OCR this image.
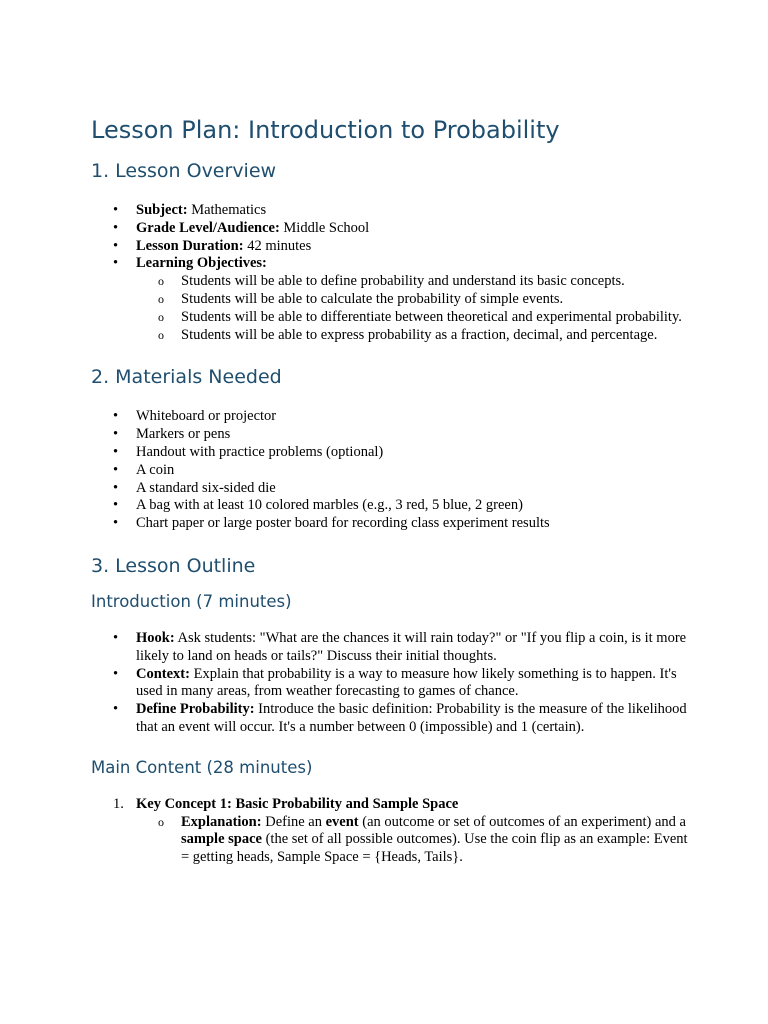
Lesson Plan: Introduction to Probability
1. Lesson Overview
• Subject: Mathematics
• Grade Level/Audience: Middle School
• Lesson Duration: 42 minutes
• Learning Objectives:
o Students will be able to define probability and understand its basic concepts.
o Students will be able to calculate the probability of simple events.
o Students will be able to differentiate between theoretical and experimental probability.
o Students will be able to express probability as a fraction, decimal, and percentage.
2. Materials Needed
• Whiteboard or projector
• Markers or pens
• Handout with practice problems (optional)
• A coin
• A standard six-sided die
• A bag with at least 10 colored marbles (e.g., 3 red, 5 blue, 2 green)
• Chart paper or large poster board for recording class experiment results
3. Lesson Outline
Introduction (7 minutes)
• Hook: Ask students: "What are the chances it will rain today?" or "If you flip a coin, is it more likely to land on heads or tails?" Discuss their initial thoughts.
• Context: Explain that probability is a way to measure how likely something is to happen. It's used in many areas, from weather forecasting to games of chance.
• Define Probability: Introduce the basic definition: Probability is the measure of the likelihood that an event will occur. It's a number between 0 (impossible) and 1 (certain).
Main Content (28 minutes)
1. Key Concept 1: Basic Probability and Sample Space
o Explanation: Define an event (an outcome or set of outcomes of an experiment) and a sample space (the set of all possible outcomes). Use the coin flip as an example: Event = getting heads, Sample Space = {Heads, Tails}.
